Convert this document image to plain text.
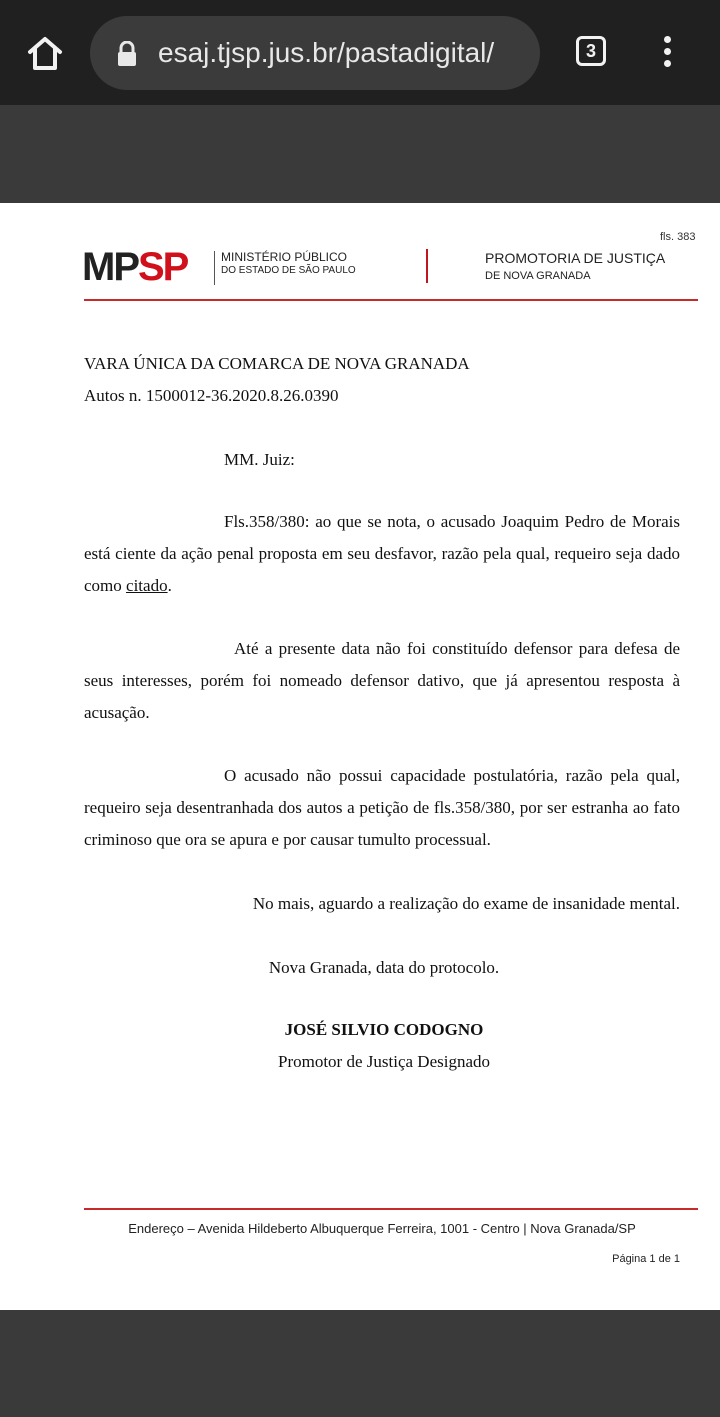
esaj.tjsp.jus.br/pastadigital/	3
fls. 383
MPSP	MINISTÉRIO PÚBLICO
DO ESTADO DE SÃO PAULO
PROMOTORIA DE JUSTIÇA
DE NOVA GRANADA
VARA ÚNICA DA COMARCA DE NOVA GRANADA
Autos n. 1500012-36.2020.8.26.0390
MM. Juiz:
Fls.358/380: ao que se nota, o acusado Joaquim Pedro de Morais está ciente da ação penal proposta em seu desfavor, razão pela qual, requeiro seja dado como citado.
Até a presente data não foi constituído defensor para defesa de seus interesses, porém foi nomeado defensor dativo, que já apresentou resposta à acusação.
O acusado não possui capacidade postulatória, razão pela qual, requeiro seja desentranhada dos autos a petição de fls.358/380, por ser estranha ao fato criminoso que ora se apura e por causar tumulto processual.
No mais, aguardo a realização do exame de insanidade mental.
Nova Granada, data do protocolo.
JOSÉ SILVIO CODOGNO
Promotor de Justiça Designado
Endereço – Avenida Hildeberto Albuquerque Ferreira, 1001 - Centro | Nova Granada/SP
Página 1 de 1
